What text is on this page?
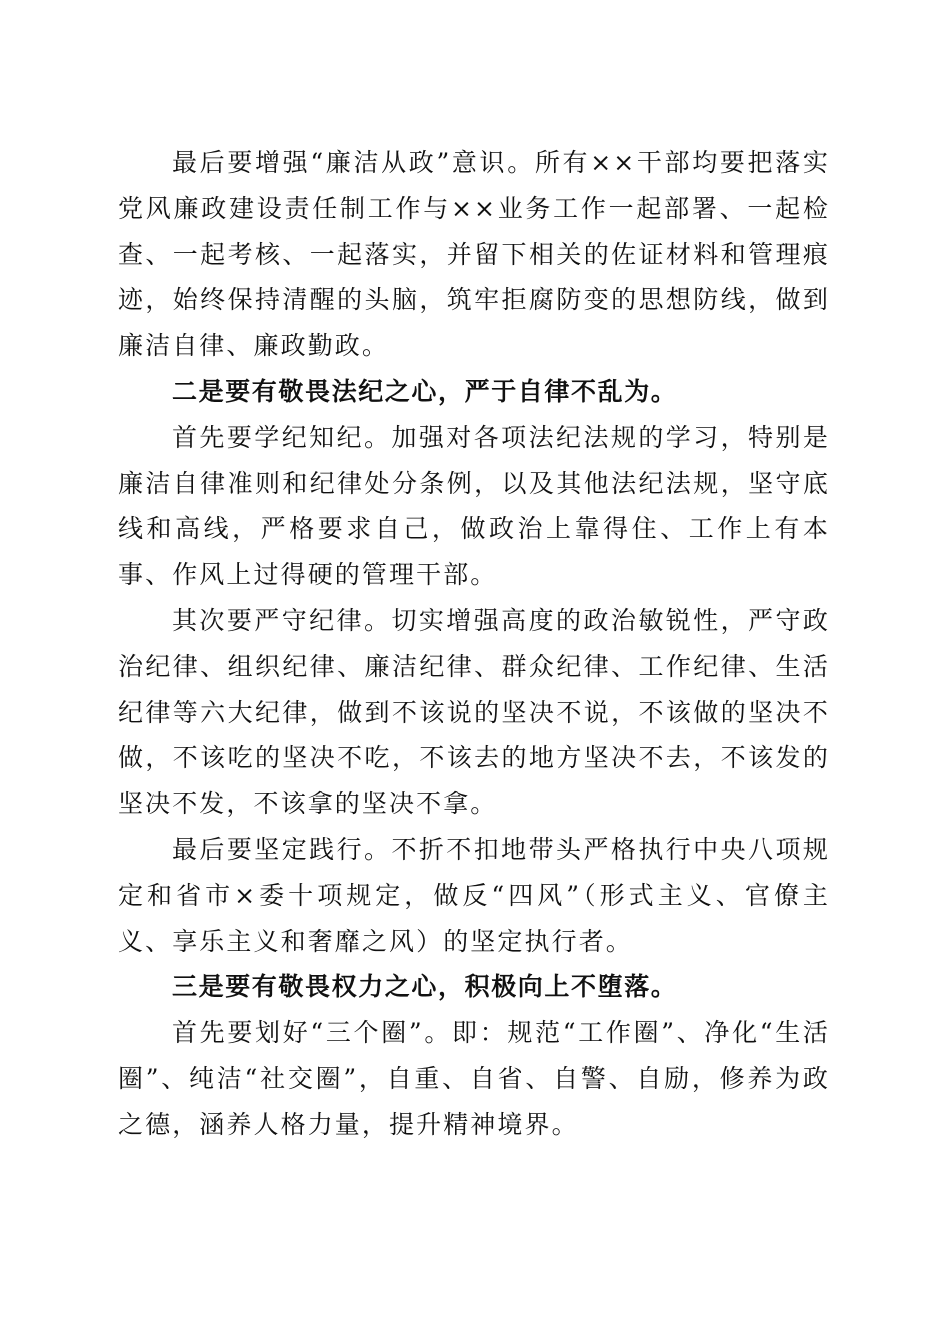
最后要增强“廉洁从政”意识。所有××干部均要把落实党风廉政建设责任制工作与××业务工作一起部署、一起检查、一起考核、一起落实，并留下相关的佐证材料和管理痕迹，始终保持清醒的头脑，筑牢拒腐防变的思想防线，做到廉洁自律、廉政勤政。

二是要有敬畏法纪之心，严于自律不乱为。

首先要学纪知纪。加强对各项法纪法规的学习，特别是廉洁自律准则和纪律处分条例，以及其他法纪法规，坚守底线和高线，严格要求自己，做政治上靠得住、工作上有本事、作风上过得硬的管理干部。

其次要严守纪律。切实增强高度的政治敏锐性，严守政治纪律、组织纪律、廉洁纪律、群众纪律、工作纪律、生活纪律等六大纪律，做到不该说的坚决不说，不该做的坚决不做，不该吃的坚决不吃，不该去的地方坚决不去，不该发的坚决不发，不该拿的坚决不拿。

最后要坚定践行。不折不扣地带头严格执行中央八项规定和省市×委十项规定，做反“四风”（形式主义、官僚主义、享乐主义和奢靡之风）的坚定执行者。

三是要有敬畏权力之心，积极向上不堕落。

首先要划好“三个圈”。即：规范“工作圈”、净化“生活圈”、纯洁“社交圈”，自重、自省、自警、自励，修养为政之德，涵养人格力量，提升精神境界。
